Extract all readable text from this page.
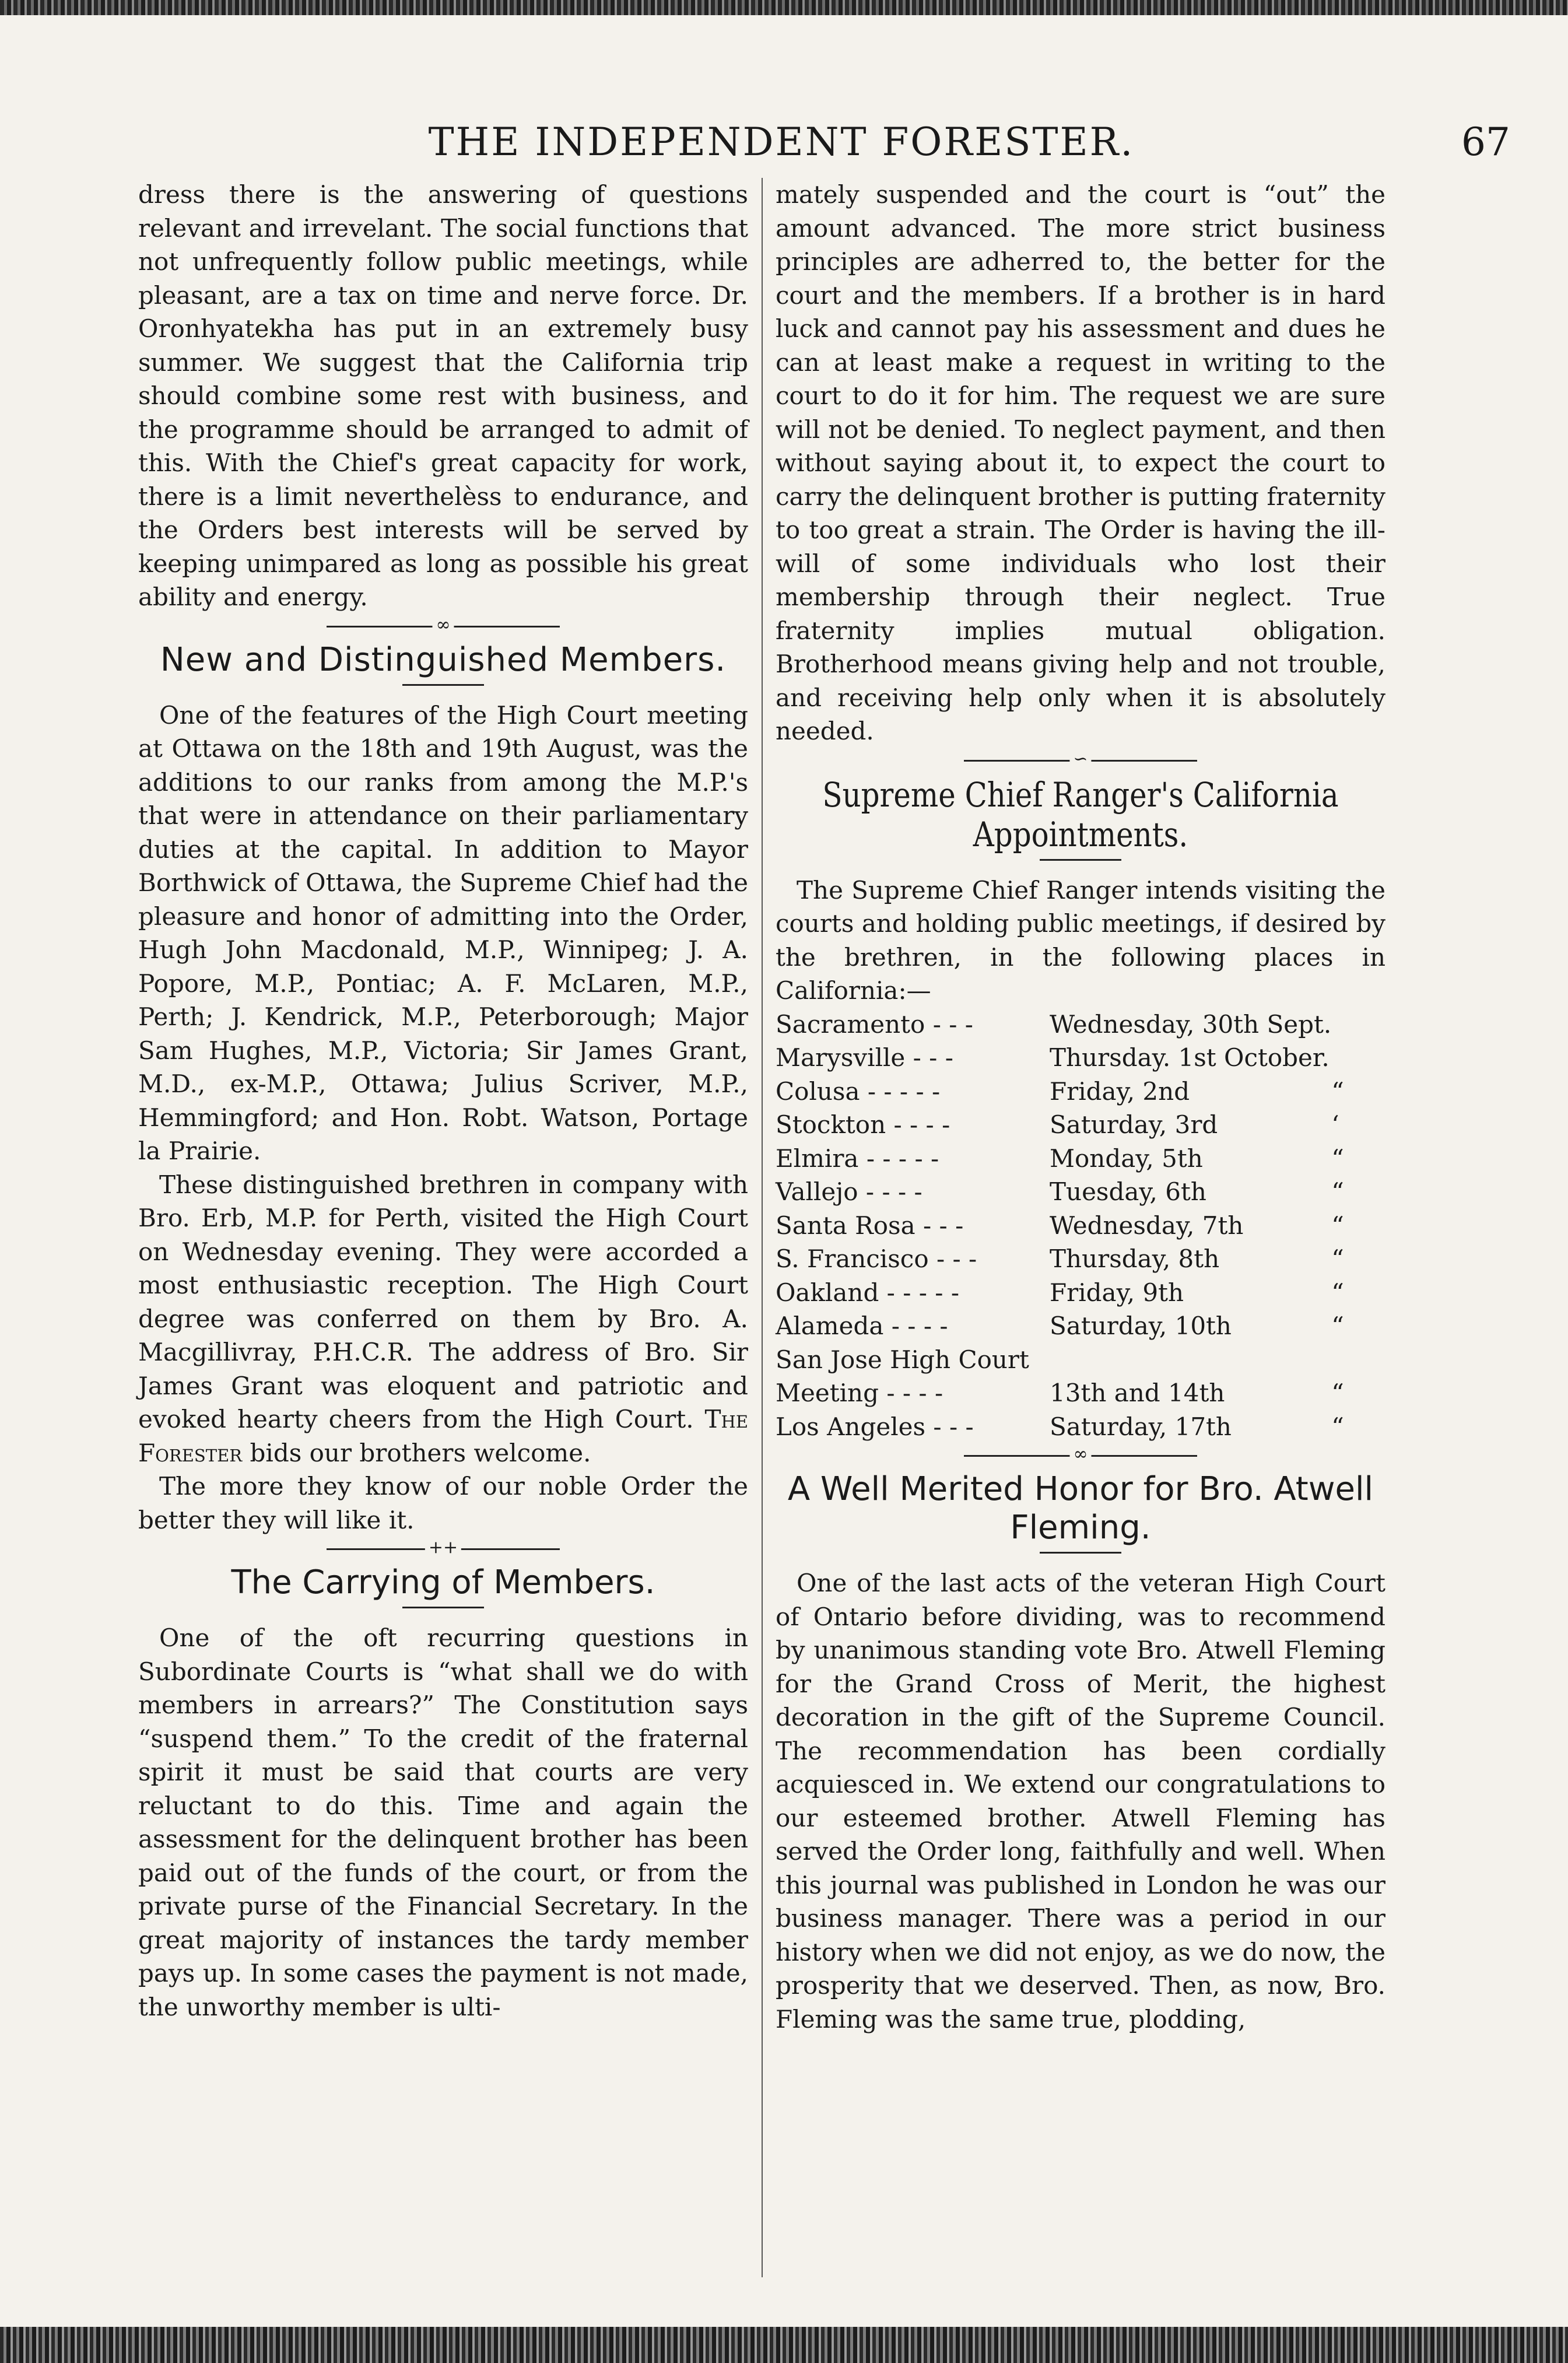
THE INDEPENDENT FORESTER.	67

dress there is the answering of questions relevant and irrevelant. The social functions that not unfrequently follow public meetings, while pleasant, are a tax on time and nerve force. Dr. Oronhyatekha has put in an extremely busy summer. We suggest that the California trip should combine some rest with business, and the programme should be arranged to admit of this. With the Chief's great capacity for work, there is a limit neverthelèss to endurance, and the Orders best interests will be served by keeping unimpared as long as possible his great ability and energy.

∞
New and Distinguished Members.

One of the features of the High Court meeting at Ottawa on the 18th and 19th August, was the additions to our ranks from among the M.P.'s that were in attendance on their parliamentary duties at the capital. In addition to Mayor Borthwick of Ottawa, the Supreme Chief had the pleasure and honor of admitting into the Order, Hugh John Macdonald, M.P., Winnipeg; J. A. Popore, M.P., Pontiac; A. F. McLaren, M.P., Perth; J. Kendrick, M.P., Peterborough; Major Sam Hughes, M.P., Victoria; Sir James Grant, M.D., ex-M.P., Ottawa; Julius Scriver, M.P., Hemmingford; and Hon. Robt. Watson, Portage la Prairie.

These distinguished brethren in company with Bro. Erb, M.P. for Perth, visited the High Court on Wednesday evening. They were accorded a most enthusiastic reception. The High Court degree was conferred on them by Bro. A. Macgillivray, P.H.C.R. The address of Bro. Sir James Grant was eloquent and patriotic and evoked hearty cheers from the High Court. The Forester bids our brothers welcome.

The more they know of our noble Order the better they will like it.

++
The Carrying of Members.

One of the oft recurring questions in Subordinate Courts is “what shall we do with members in arrears?” The Constitution says “suspend them.” To the credit of the fraternal spirit it must be said that courts are very reluctant to do this. Time and again the assessment for the delinquent brother has been paid out of the funds of the court, or from the private purse of the Financial Secretary. In the great majority of instances the tardy member pays up. In some cases the payment is not made, the unworthy member is ulti-

mately suspended and the court is “out” the amount advanced. The more strict business principles are adherred to, the better for the court and the members. If a brother is in hard luck and cannot pay his assessment and dues he can at least make a request in writing to the court to do it for him. The request we are sure will not be denied. To neglect payment, and then without saying about it, to expect the court to carry the delinquent brother is putting fraternity to too great a strain. The Order is having the ill-will of some individuals who lost their membership through their neglect. True fraternity implies mutual obligation. Brotherhood means giving help and not trouble, and receiving help only when it is absolutely needed.

∽
Supreme Chief Ranger's California Appointments.

The Supreme Chief Ranger intends visiting the courts and holding public meetings, if desired by the brethren, in the following places in California:—

Sacramento - - -	Wednesday, 30th Sept.	
Marysville - - -	Thursday. 1st October.	
Colusa - - - - -	Friday, 2nd	“
Stockton - - - -	Saturday, 3rd	‘
Elmira - - - - -	Monday, 5th	“
Vallejo - - - -	Tuesday, 6th	“
Santa Rosa - - -	Wednesday, 7th	“
S. Francisco - - -	Thursday, 8th	“
Oakland - - - - -	Friday, 9th	“
Alameda - - - -	Saturday, 10th	“
San Jose High Court		
Meeting - - - -	13th and 14th	“
Los Angeles - - -	Saturday, 17th	“
∞
A Well Merited Honor for Bro. Atwell Fleming.

One of the last acts of the veteran High Court of Ontario before dividing, was to recommend by unanimous standing vote Bro. Atwell Fleming for the Grand Cross of Merit, the highest decoration in the gift of the Supreme Council. The recommendation has been cordially acquiesced in. We extend our congratulations to our esteemed brother. Atwell Fleming has served the Order long, faithfully and well. When this journal was published in London he was our business manager. There was a period in our history when we did not enjoy, as we do now, the prosperity that we deserved. Then, as now, Bro. Fleming was the same true, plodding,
